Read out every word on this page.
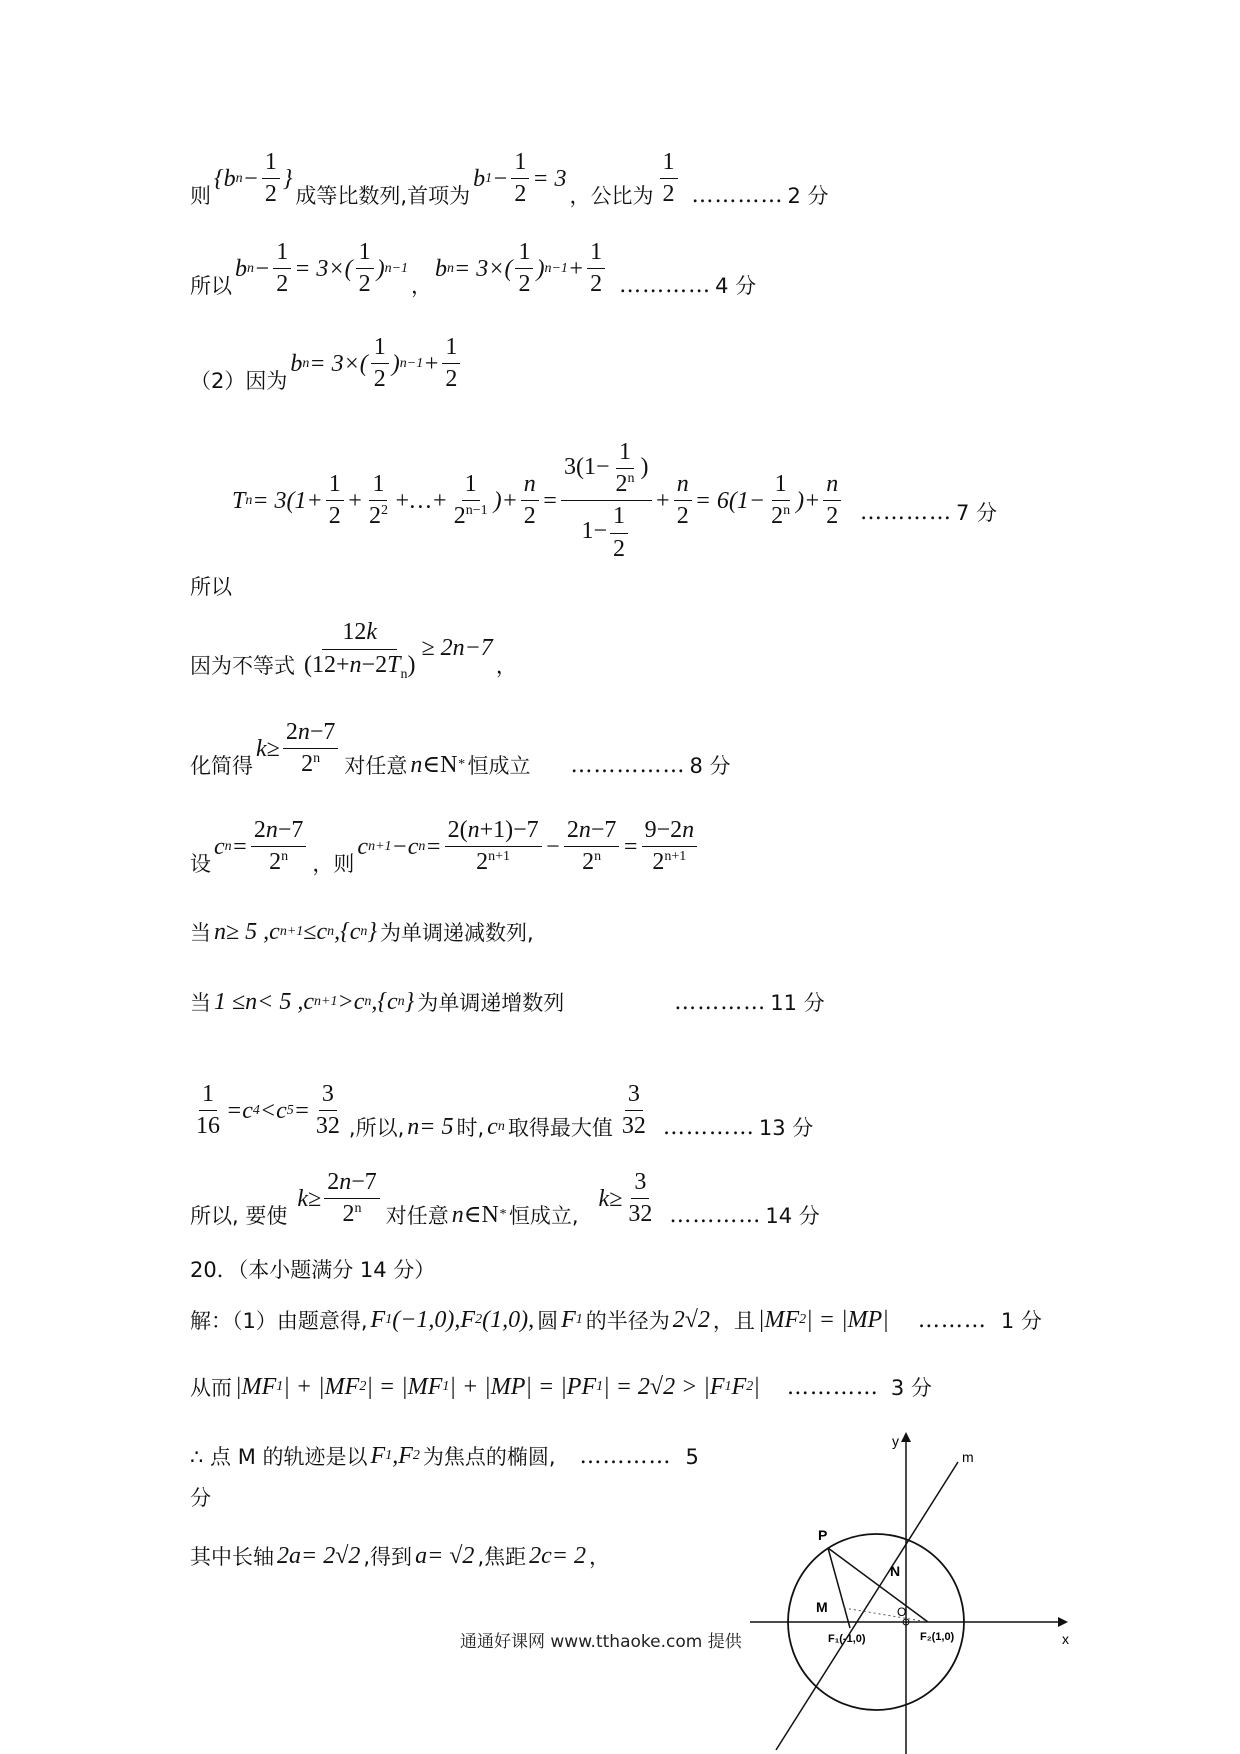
则
{ b $n - \frac{1}{2}$ }
成等比数列,首项为
b $1 - \frac{1}{2} = 3$
，公比为 $\frac{1}{2}$ ………… 2 分
所以
b $n - \frac{1}{2} = 3\times( \frac{1}{2}$ ) n−1
，
b $n = 3\times( \frac{1}{2}$ ) $n-1 + \frac{1}{2}$ ………… 4 分
（2）因为
b $n = 3\times( \frac{1}{2}$ ) $n-1 + \frac{1}{2}$
所以
T $n = 3(1+ \frac{1}{2} + \frac{1}{2^2}$ +…+ $\frac{1}{2^{n-1}}$ )+ $\frac{n}{2} = \frac{3(1- \frac{1}{2^n} )}{1- \frac{1}{2}} + \frac{n}{2} = 6(1- \frac{1}{2^n}$ )+ $\frac{n}{2}$ ………… 7 分
因为不等式 $\frac{12k}{(12+n-2T_n)} \ge 2$ n −7
，
化简得
$k \ge \frac{2n-7}{2^n}$ 对任意 n ∈ N * 恒成立 …………… 8 分
设
c $n = \frac{2n-7}{2^n}$ ，则
c n+1 − c $n = \frac{2(n+1)-7}{2^{n+1}} - \frac{2n-7}{2^n} = \frac{9-2n}{2^{n+1}}$
当 n ≥ 5 , c n+1 ≤ c n ,{ c n } 为单调递减数列,
当 1 ≤ n < 5 , c n+1 > c n ,{ c n } 为单调递增数列	………… 11 分
$\frac{1}{16} = c$ 4 < c $5 = \frac{3}{32}$ ,所以, n = 5 时, c n 取得最大值 $\frac{3}{32}$ ………… 13 分
所以, 要使
$k \ge \frac{2n-7}{2^n}$ 对任意 n ∈ N * 恒成立,
$k \ge \frac{3}{32}$ ………… 14 分
20．（本小题满分 14 分）
解：（1）由题意得, F 1 (−1,0), F 2 (1,0), 圆 F 1 的半径为 2√2 ，且 | MF 2 | = | MP | ……… 1 分
从而 | MF 1 | + | MF 2 | = | MF 1 | + | MP | = | PF 1 | = 2√2 > | F 1 F 2 | ………… 3 分
∴ 点 M 的轨迹是以 F 1 , F 2 为焦点的椭圆, ………… 5
分
其中长轴 2 a = 2√2 ,得到 a = √2 ,焦距 2 c = 2 ，
通通好课网 www.tthaoke.com 提供
y
x
m
P
N
M	O
F₁(-1,0)	F₂(1,0)
